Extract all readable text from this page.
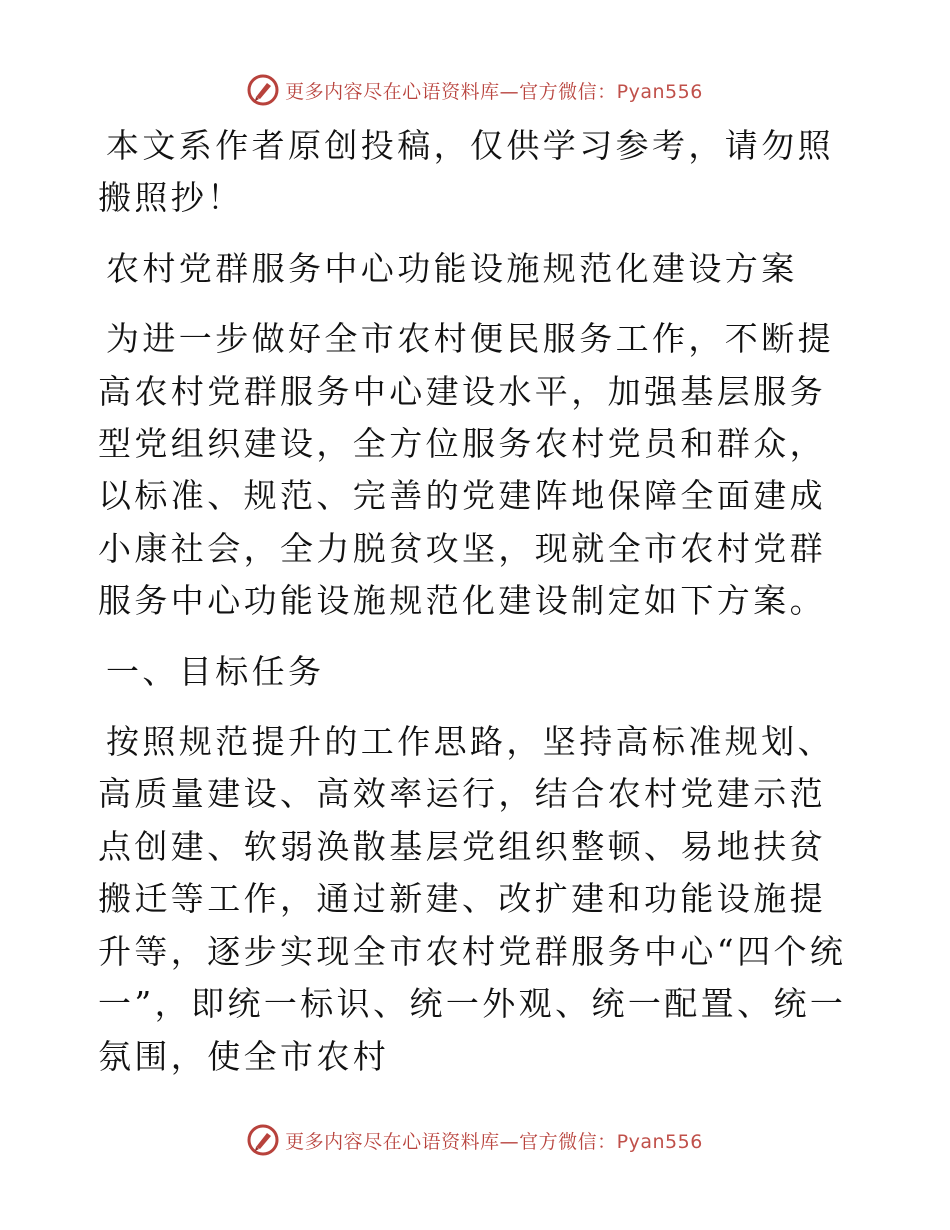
更多内容尽在心语资料库—官方微信：Pyan556

本文系作者原创投稿，仅供学习参考，请勿照搬照抄！

农村党群服务中心功能设施规范化建设方案

为进一步做好全市农村便民服务工作，不断提高农村党群服务中心建设水平，加强基层服务型党组织建设，全方位服务农村党员和群众，以标准、规范、完善的党建阵地保障全面建成小康社会，全力脱贫攻坚，现就全市农村党群服务中心功能设施规范化建设制定如下方案。

一、目标任务

按照规范提升的工作思路，坚持高标准规划、高质量建设、高效率运行，结合农村党建示范点创建、软弱涣散基层党组织整顿、易地扶贫搬迁等工作，通过新建、改扩建和功能设施提升等，逐步实现全市农村党群服务中心“四个统一”，即统一标识、统一外观、统一配置、统一氛围，使全市农村

更多内容尽在心语资料库—官方微信：Pyan556
